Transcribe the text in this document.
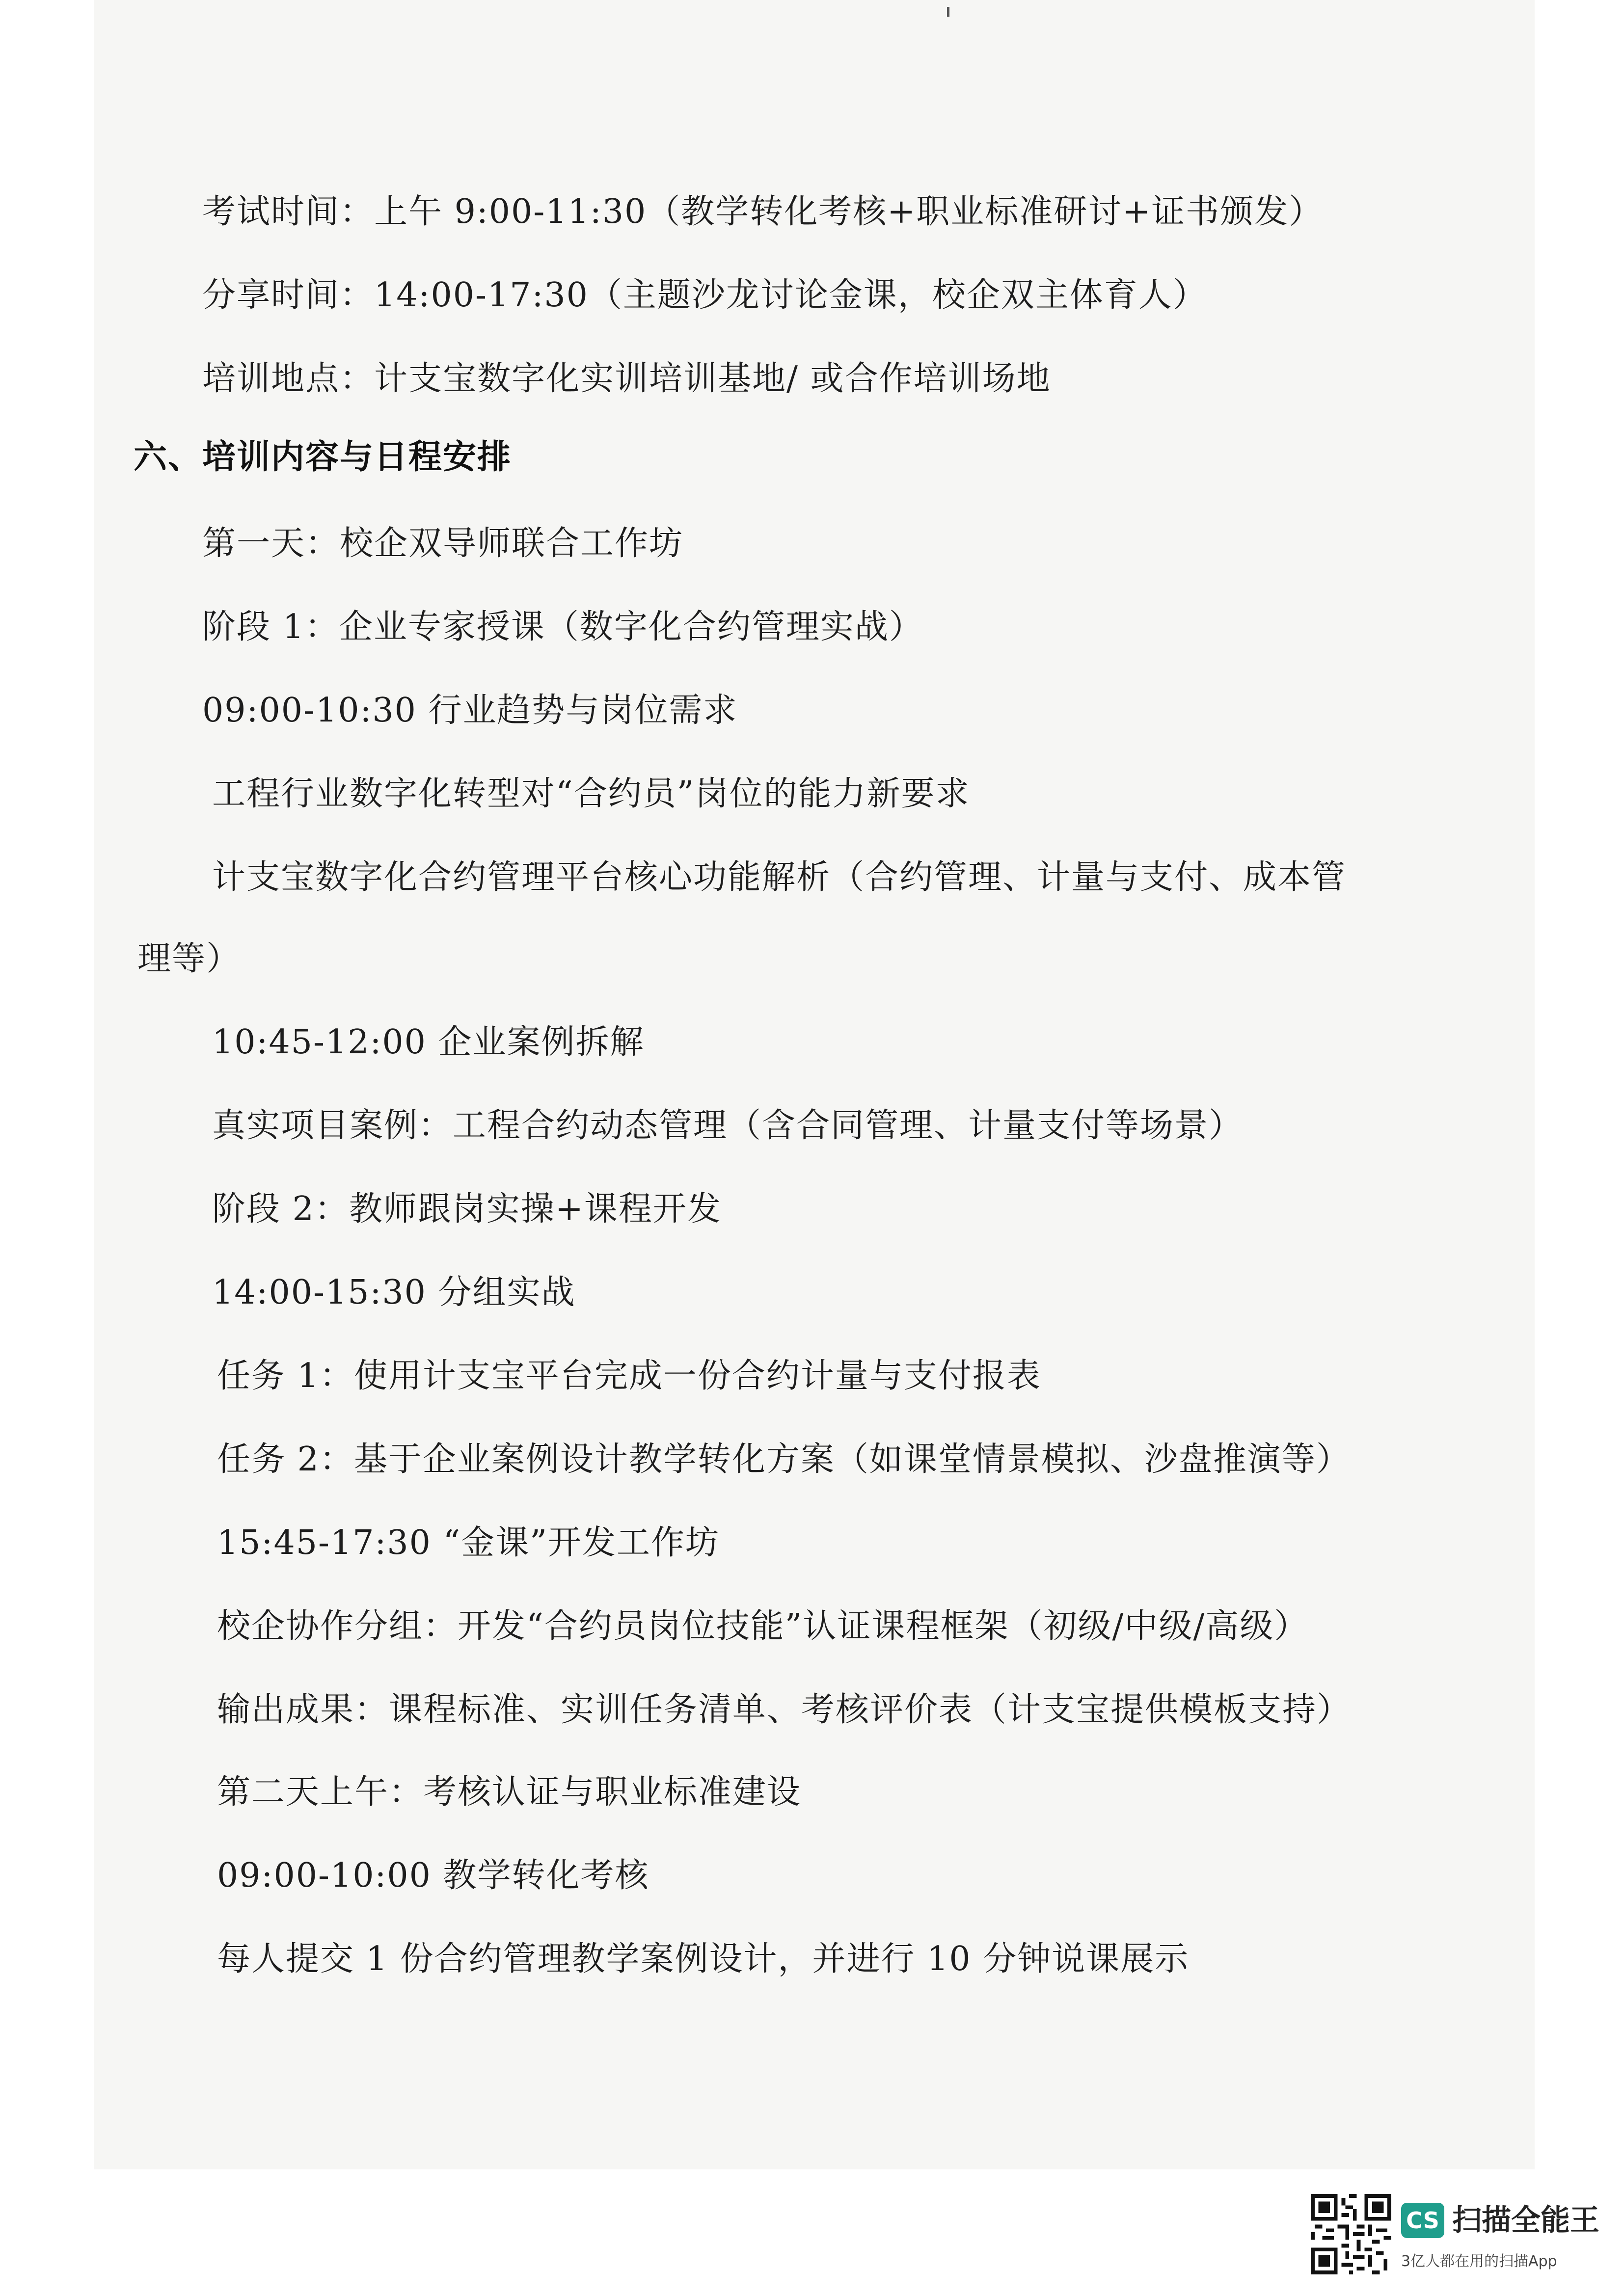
考试时间：上午 9:00-11:30（教学转化考核+职业标准研讨+证书颁发）

分享时间：14:00-17:30（主题沙龙讨论金课，校企双主体育人）

培训地点：计支宝数字化实训培训基地/ 或合作培训场地

六、培训内容与日程安排

第一天：校企双导师联合工作坊

阶段 1：企业专家授课（数字化合约管理实战）

09:00-10:30 行业趋势与岗位需求

工程行业数字化转型对“合约员”岗位的能力新要求

计支宝数字化合约管理平台核心功能解析（合约管理、计量与支付、成本管

理等）

10:45-12:00 企业案例拆解

真实项目案例：工程合约动态管理（含合同管理、计量支付等场景）

阶段 2：教师跟岗实操+课程开发

14:00-15:30 分组实战

任务 1：使用计支宝平台完成一份合约计量与支付报表

任务 2：基于企业案例设计教学转化方案（如课堂情景模拟、沙盘推演等）

15:45-17:30 “金课”开发工作坊

校企协作分组：开发“合约员岗位技能”认证课程框架（初级/中级/高级）

输出成果：课程标准、实训任务清单、考核评价表（计支宝提供模板支持）

第二天上午：考核认证与职业标准建设

09:00-10:00 教学转化考核

每人提交 1 份合约管理教学案例设计，并进行 10 分钟说课展示

CS 扫描全能王
3亿人都在用的扫描App
